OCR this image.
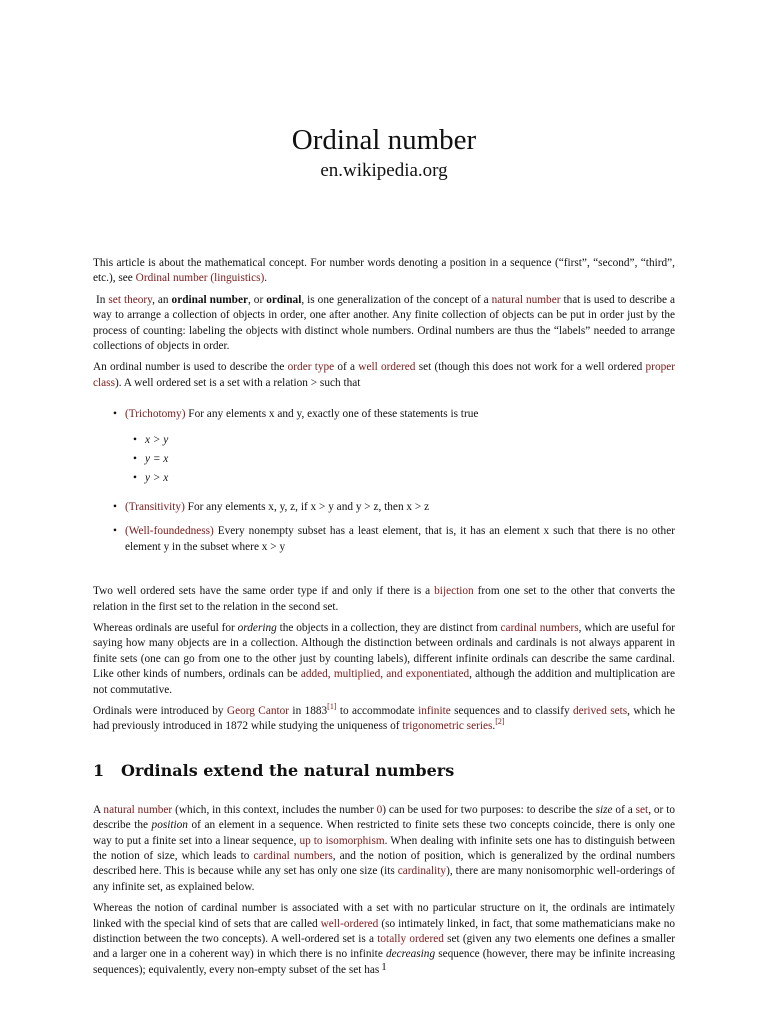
Ordinal number
en.wikipedia.org

This article is about the mathematical concept. For number words denoting a position in a sequence (“first”, “second”, “third”, etc.), see Ordinal number (linguistics).

In set theory, an ordinal number, or ordinal, is one generalization of the concept of a natural number that is used to describe a way to arrange a collection of objects in order, one after another. Any finite collection of objects can be put in order just by the process of counting: labeling the objects with distinct whole numbers. Ordinal numbers are thus the “labels” needed to arrange collections of objects in order.

An ordinal number is used to describe the order type of a well ordered set (though this does not work for a well ordered proper class). A well ordered set is a set with a relation > such that

• (Trichotomy) For any elements x and y, exactly one of these statements is true
• x > y
• y = x
• y > x
• (Transitivity) For any elements x, y, z, if x > y and y > z, then x > z
• (Well-foundedness) Every nonempty subset has a least element, that is, it has an element x such that there is no other element y in the subset where x > y

Two well ordered sets have the same order type if and only if there is a bijection from one set to the other that converts the relation in the first set to the relation in the second set.

Whereas ordinals are useful for ordering the objects in a collection, they are distinct from cardinal numbers, which are useful for saying how many objects are in a collection. Although the distinction between ordinals and cardinals is not always apparent in finite sets (one can go from one to the other just by counting labels), different infinite ordinals can describe the same cardinal. Like other kinds of numbers, ordinals can be added, multiplied, and exponentiated, although the addition and multiplication are not commutative.

Ordinals were introduced by Georg Cantor in 1883[1] to accommodate infinite sequences and to classify derived sets, which he had previously introduced in 1872 while studying the uniqueness of trigonometric series.[2]

1 Ordinals extend the natural numbers

A natural number (which, in this context, includes the number 0) can be used for two purposes: to describe the size of a set, or to describe the position of an element in a sequence. When restricted to finite sets these two concepts coincide, there is only one way to put a finite set into a linear sequence, up to isomorphism. When dealing with infinite sets one has to distinguish between the notion of size, which leads to cardinal numbers, and the notion of position, which is generalized by the ordinal numbers described here. This is because while any set has only one size (its cardinality), there are many nonisomorphic well-orderings of any infinite set, as explained below.

Whereas the notion of cardinal number is associated with a set with no particular structure on it, the ordinals are intimately linked with the special kind of sets that are called well-ordered (so intimately linked, in fact, that some mathematicians make no distinction between the two concepts). A well-ordered set is a totally ordered set (given any two elements one defines a smaller and a larger one in a coherent way) in which there is no infinite decreasing sequence (however, there may be infinite increasing sequences); equivalently, every non-empty subset of the set has 1
